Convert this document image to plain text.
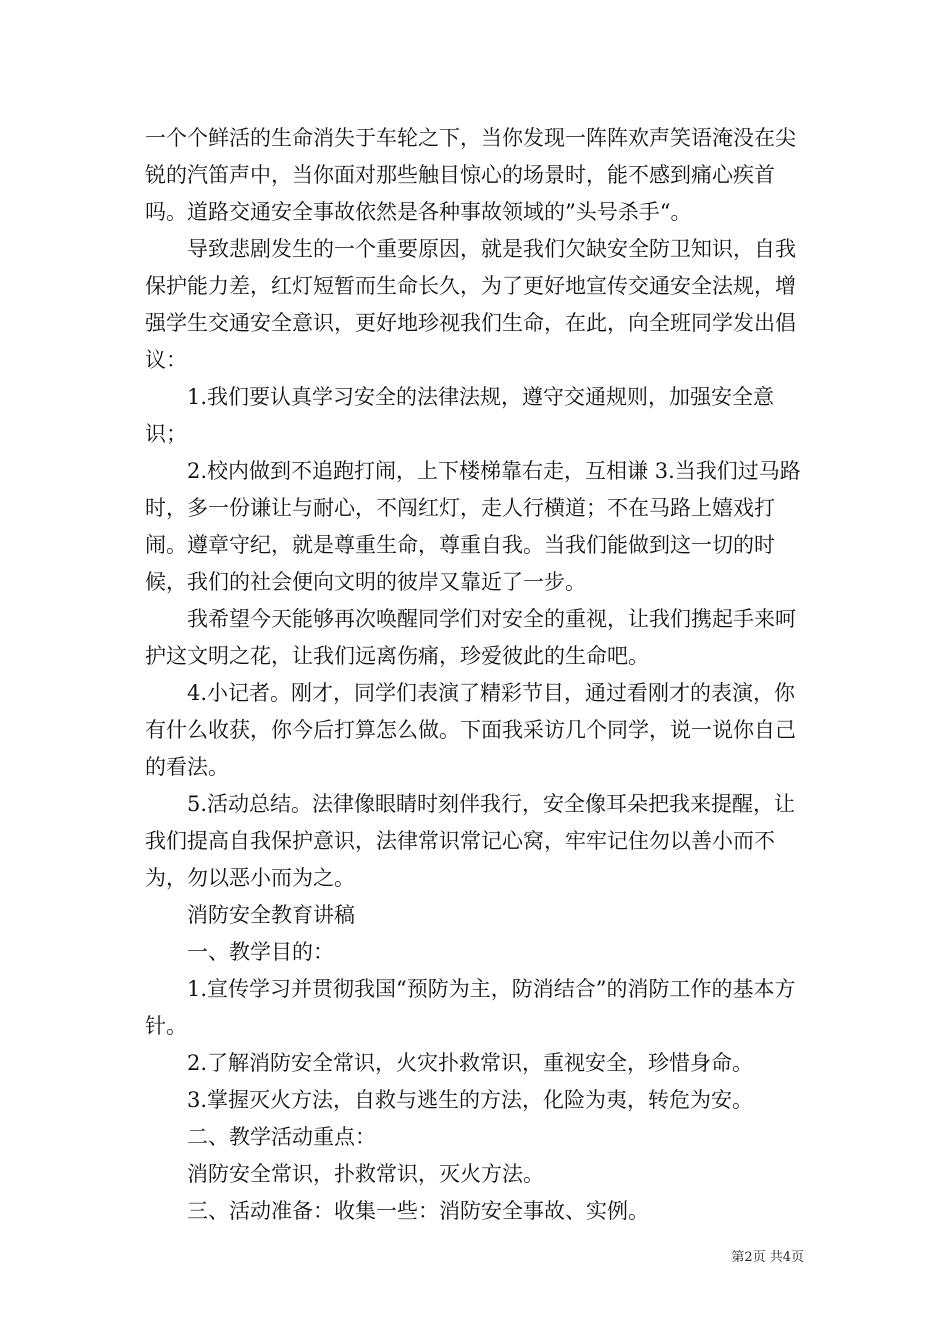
一个个鲜活的生命消失于车轮之下，当你发现一阵阵欢声笑语淹没在尖锐的汽笛声中，当你面对那些触目惊心的场景时，能不感到痛心疾首吗。道路交通安全事故依然是各种事故领域的”头号杀手“。

导致悲剧发生的一个重要原因，就是我们欠缺安全防卫知识，自我保护能力差，红灯短暂而生命长久，为了更好地宣传交通安全法规，增强学生交通安全意识，更好地珍视我们生命，在此，向全班同学发出倡议：

1.我们要认真学习安全的法律法规，遵守交通规则，加强安全意识；

2.校内做到不追跑打闹，上下楼梯靠右走，互相谦 3.当我们过马路时，多一份谦让与耐心，不闯红灯，走人行横道；不在马路上嬉戏打闹。遵章守纪，就是尊重生命，尊重自我。当我们能做到这一切的时候，我们的社会便向文明的彼岸又靠近了一步。

我希望今天能够再次唤醒同学们对安全的重视，让我们携起手来呵护这文明之花，让我们远离伤痛，珍爱彼此的生命吧。

4.小记者。刚才，同学们表演了精彩节目，通过看刚才的表演，你有什么收获，你今后打算怎么做。下面我采访几个同学，说一说你自己的看法。

5.活动总结。法律像眼睛时刻伴我行，安全像耳朵把我来提醒，让我们提高自我保护意识，法律常识常记心窝，牢牢记住勿以善小而不为，勿以恶小而为之。

消防安全教育讲稿

一、教学目的：

1.宣传学习并贯彻我国“预防为主，防消结合”的消防工作的基本方针。

2.了解消防安全常识，火灾扑救常识，重视安全，珍惜身命。

3.掌握灭火方法，自救与逃生的方法，化险为夷，转危为安。

二、教学活动重点：

消防安全常识，扑救常识，灭火方法。

三、活动准备：收集一些：消防安全事故、实例。

第2页 共4页
